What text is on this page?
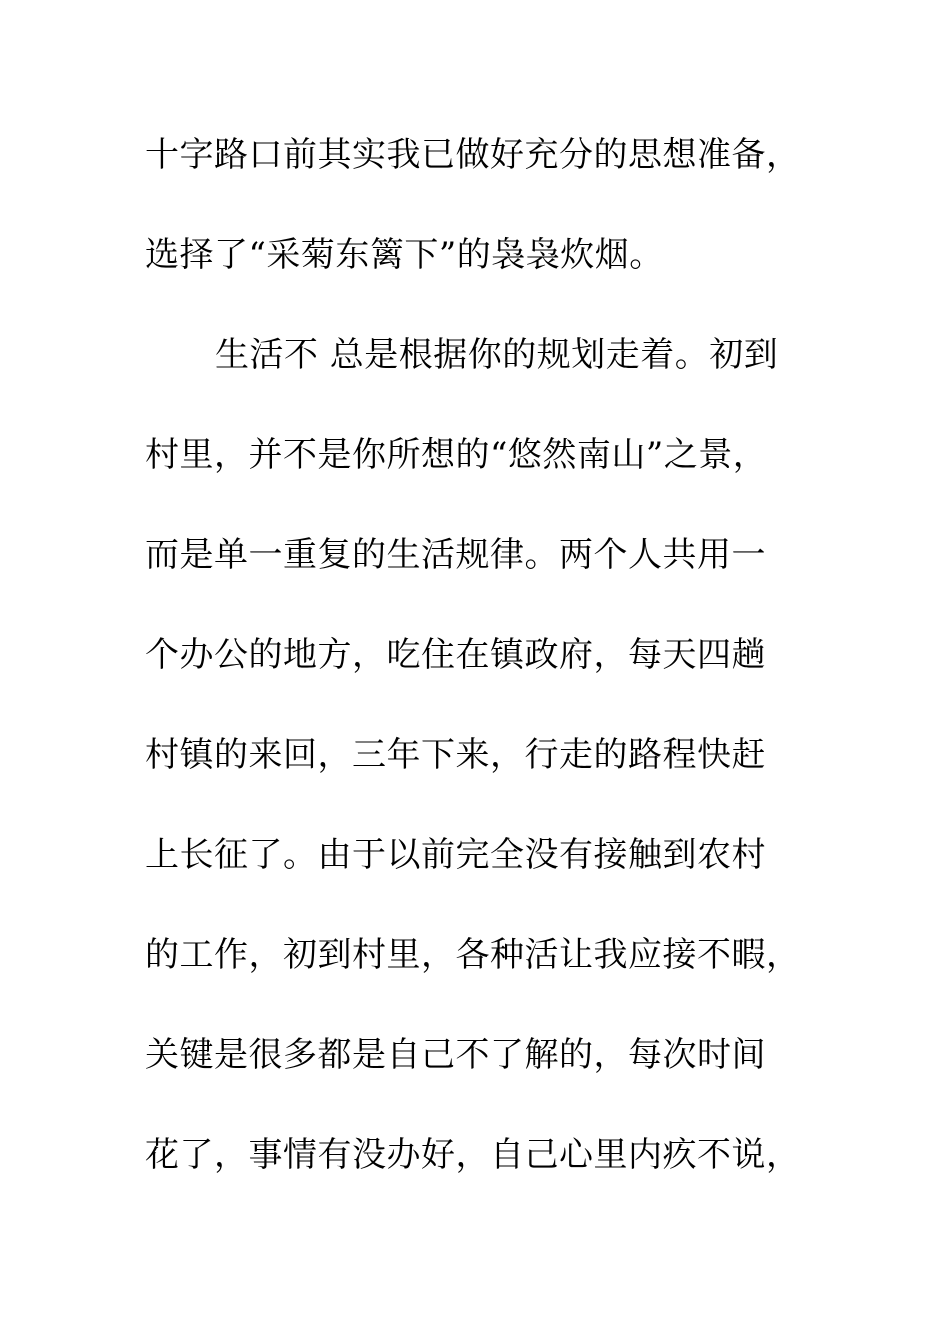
十字路口前其实我已做好充分的思想准备，
选择了“采菊东篱下”的袅袅炊烟。
生活不 总是根据你的规划走着。初到
村里，并不是你所想的“悠然南山”之景，
而是单一重复的生活规律。两个人共用一
个办公的地方，吃住在镇政府，每天四趟
村镇的来回，三年下来，行走的路程快赶
上长征了。由于以前完全没有接触到农村
的工作，初到村里，各种活让我应接不暇，
关键是很多都是自己不了解的，每次时间
花了，事情有没办好，自己心里内疚不说，
